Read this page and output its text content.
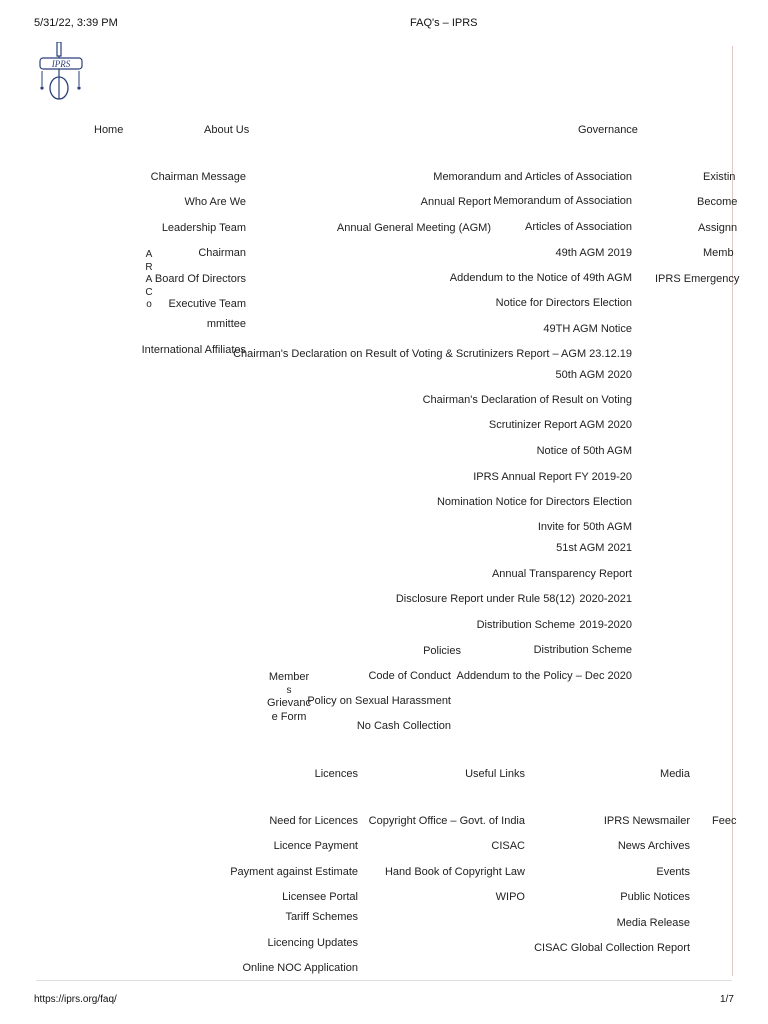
5/31/22, 3:39 PM	FAQ's – IPRS
IPRS
Home	About Us	Governance
Chairman Message
Who Are We
Leadership Team
Chairman
Board Of Directors
Executive Team
mmittee
International Affiliates
A
R
A
C
o
Annual Report
Annual General Meeting (AGM)
Memorandum and Articles of Association
Memorandum of Association
Articles of Association
49th AGM 2019
Addendum to the Notice of 49th AGM
Notice for Directors Election
49TH AGM Notice
Chairman's Declaration on Result of Voting & Scrutinizers Report – AGM 23.12.19
50th AGM 2020
Chairman's Declaration of Result on Voting
Scrutinizer Report AGM 2020
Notice of 50th AGM
IPRS Annual Report FY 2019-20
Nomination Notice for Directors Election
Invite for 50th AGM
51st AGM 2021
Annual Transparency Report
2020-2021
2019-2020
Distribution Scheme
Addendum to the Policy – Dec 2020
Disclosure Report under Rule 58(12)
Distribution Scheme
Policies
Code of Conduct
Policy on Sexual Harassment
No Cash Collection
Member
s
Grievanc
e Form
Existin
Become
Assignn
Memb
IPRS Emergency
Licences	Useful Links	Media
Need for Licences
Licence Payment
Payment against Estimate
Licensee Portal
Tariff Schemes
Licencing Updates
Online NOC Application
Copyright Office – Govt. of India
CISAC
Hand Book of Copyright Law
WIPO
IPRS Newsmailer
News Archives
Events
Public Notices
Media Release
CISAC Global Collection Report
Feec
https://iprs.org/faq/	1/7
